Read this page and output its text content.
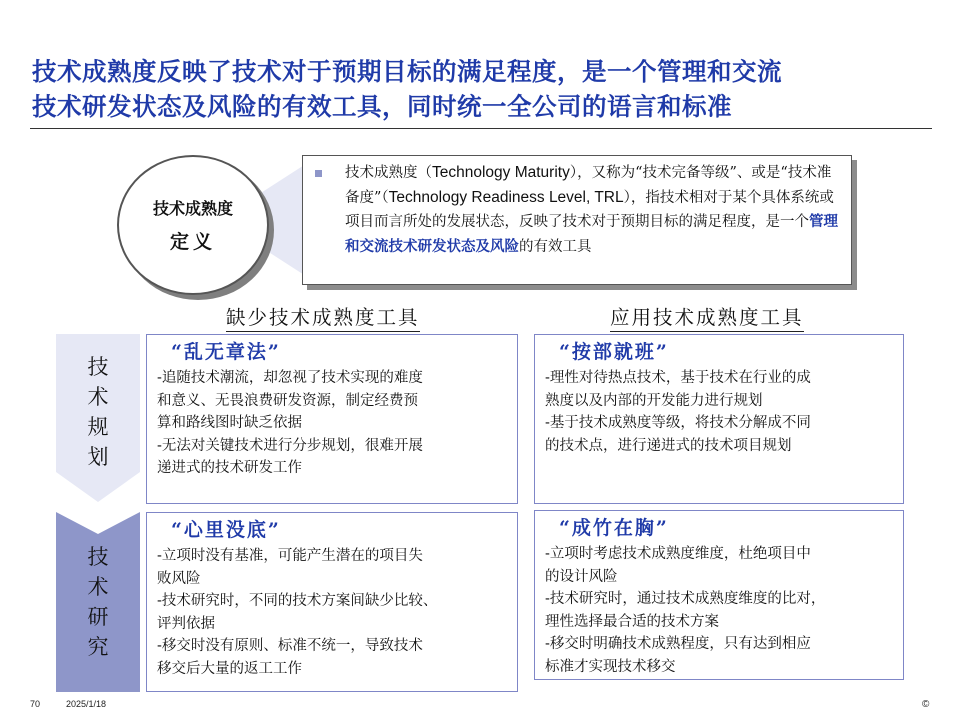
技术成熟度反映了技术对于预期目标的满足程度，是一个管理和交流
技术研发状态及风险的有效工具，同时统一全公司的语言和标准
技术成熟度
定义
技术成熟度（Technology Maturity），又称为“技术完备等级”、或是“技术准备度”（Technology Readiness Level, TRL），指技术相对于某个具体系统或项目而言所处的发展状态，反映了技术对于预期目标的满足程度，是一个管理和交流技术研发状态及风险的有效工具
缺少技术成熟度工具	应用技术成熟度工具
技
术
规
划
技
术
研
究
“乱无章法”
-追随技术潮流，却忽视了技术实现的难度
和意义、无畏浪费研发资源，制定经费预
算和路线图时缺乏依据
-无法对关键技术进行分步规划，很难开展
递进式的技术研发工作
“按部就班”
-理性对待热点技术，基于技术在行业的成
熟度以及内部的开发能力进行规划
-基于技术成熟度等级，将技术分解成不同
的技术点，进行递进式的技术项目规划
“心里没底”
-立项时没有基准，可能产生潜在的项目失
败风险
-技术研究时，不同的技术方案间缺少比较、
评判依据
-移交时没有原则、标准不统一，导致技术
移交后大量的返工工作
“成竹在胸”
-立项时考虑技术成熟度维度，杜绝项目中
的设计风险
-技术研究时，通过技术成熟度维度的比对，
理性选择最合适的技术方案
-移交时明确技术成熟程度，只有达到相应
标准才实现技术移交
70	2025/1/18	©
